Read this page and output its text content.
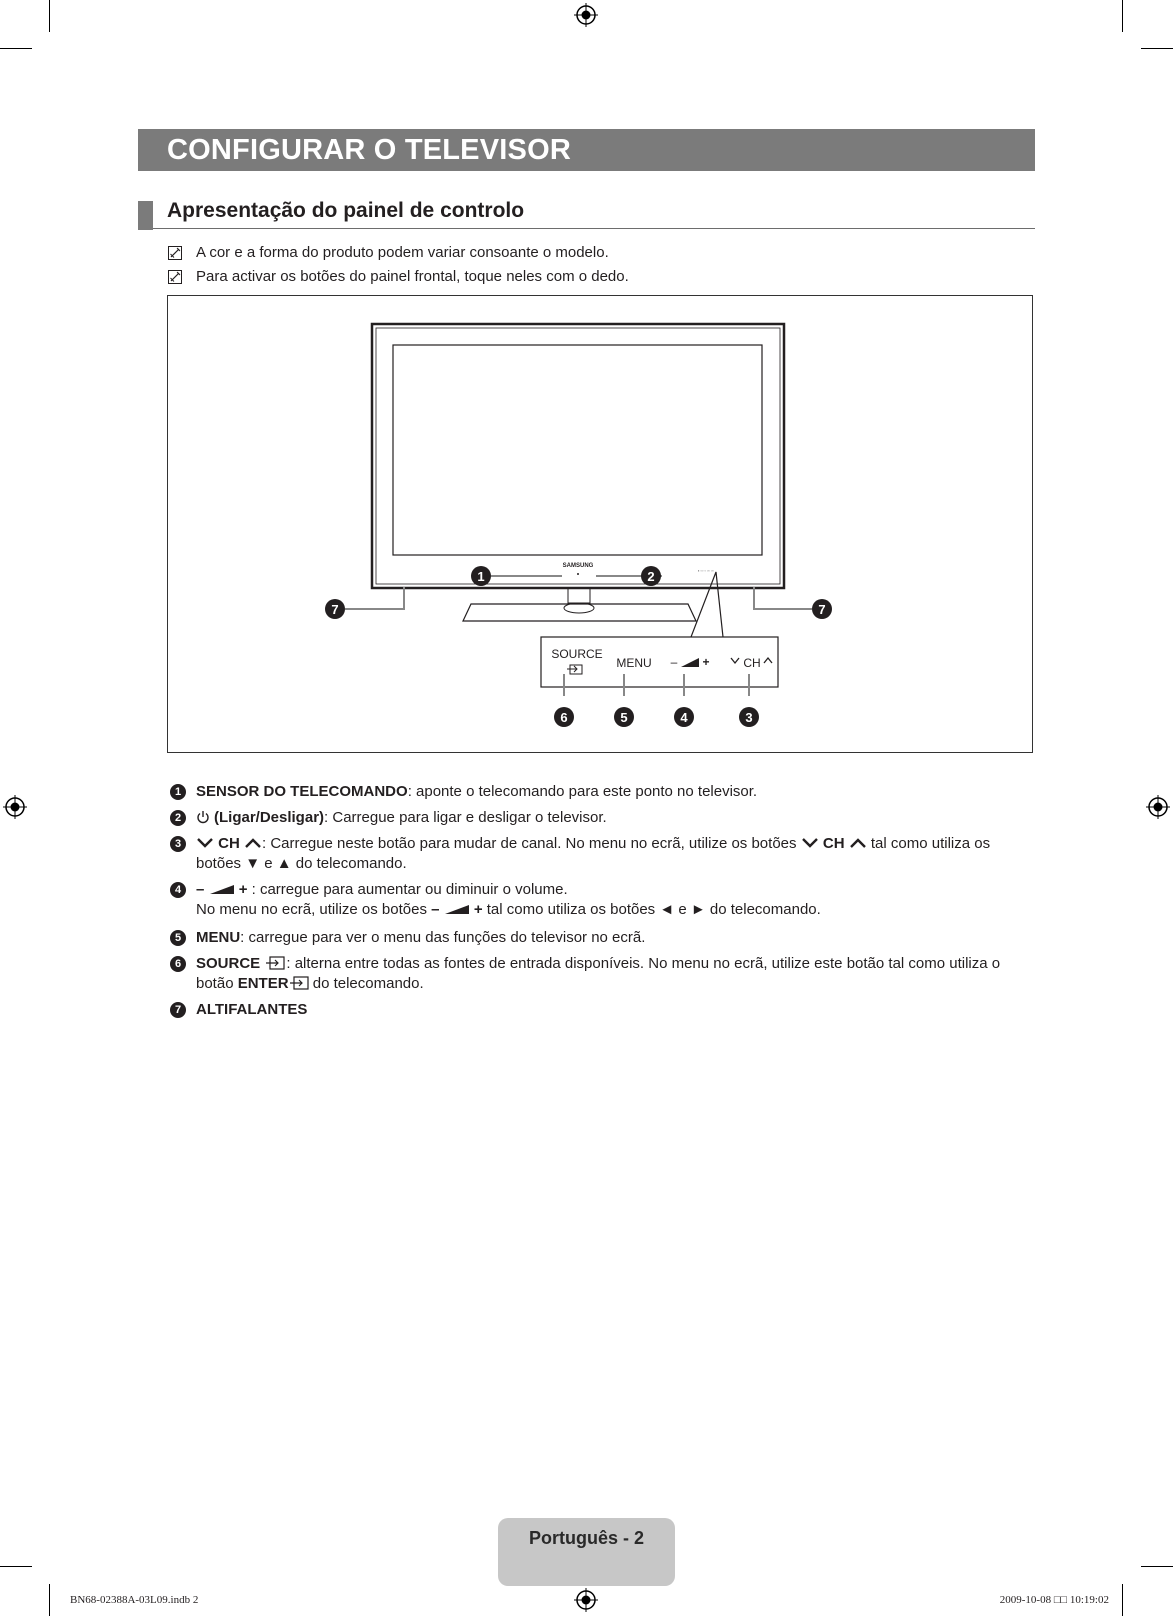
CONFIGURAR O TELEVISOR
Apresentação do painel de controlo
A cor e a forma do produto podem variar consoante o modelo.
Para activar os botões do painel frontal, toque neles com o dedo.
SAMSUNG
▪ ▫▫ ▫ ▫▫ ▫▫
SOURCE
MENU – +	CH
1	2
7	7
6	5	4	3
1 SENSOR DO TELECOMANDO: aponte o telecomando para este ponto no televisor.
2	(Ligar/Desligar): Carregue para ligar e desligar o televisor.
3	CH : Carregue neste botão para mudar de canal. No menu no ecrã, utilize os botões CH tal como utiliza os
botões ▼ e ▲ do telecomando.
4 – + : carregue para aumentar ou diminuir o volume.
No menu no ecrã, utilize os botões – + tal como utiliza os botões ◄ e ► do telecomando.
5 MENU: carregue para ver o menu das funções do televisor no ecrã.
6 SOURCE : alterna entre todas as fontes de entrada disponíveis. No menu no ecrã, utilize este botão tal como utiliza o
botão ENTER do telecomando.
7 ALTIFALANTES
Português - 2
BN68-02388A-03L09.indb 2	2009-10-08 □□ 10:19:02
